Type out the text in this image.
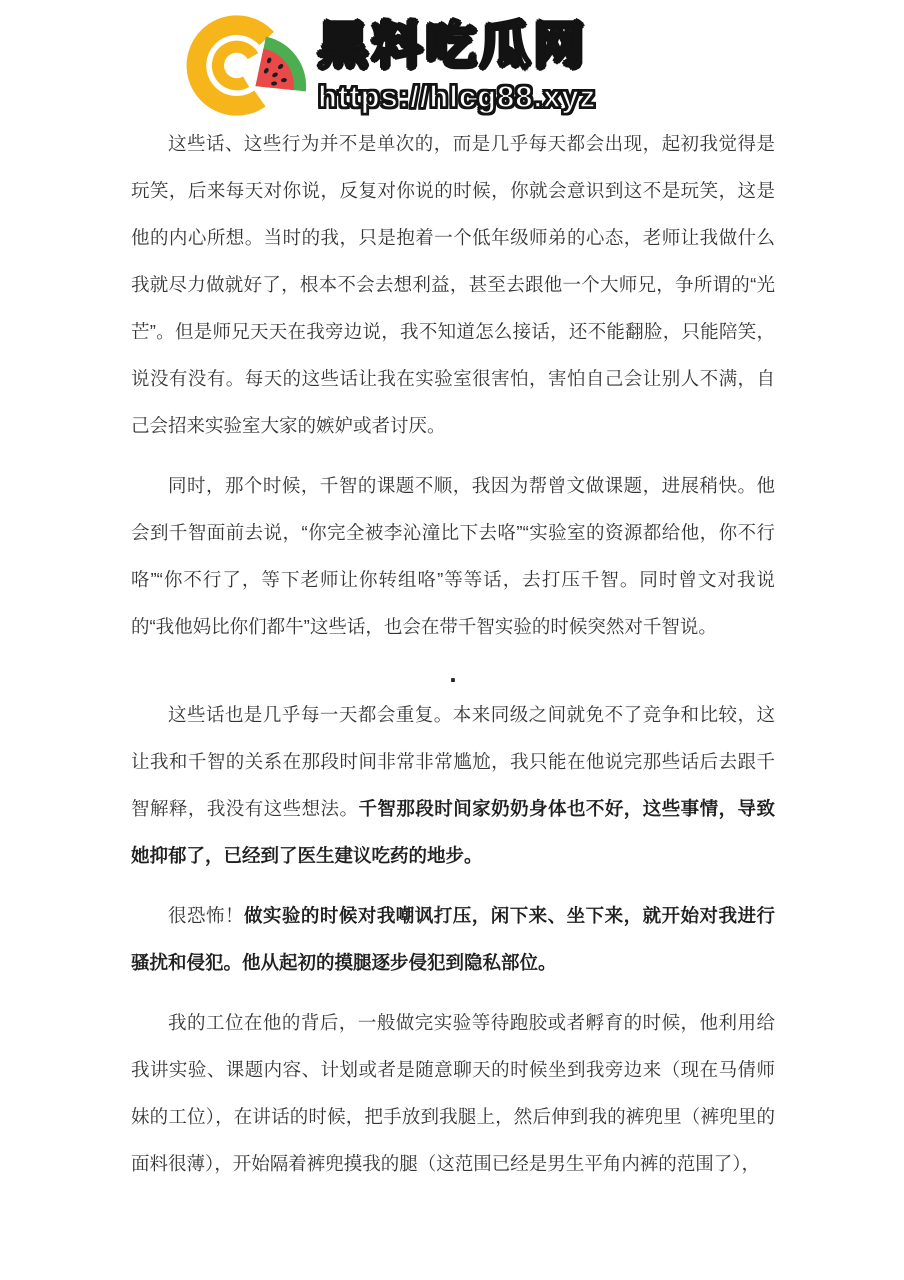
黑料吃瓜网
https://hlcg88.xyz

这些话、这些行为并不是单次的，而是几乎每天都会出现，起初我觉得是玩笑，后来每天对你说，反复对你说的时候，你就会意识到这不是玩笑，这是他的内心所想。当时的我，只是抱着一个低年级师弟的心态，老师让我做什么我就尽力做就好了，根本不会去想利益，甚至去跟他一个大师兄，争所谓的“光芒”。但是师兄天天在我旁边说，我不知道怎么接话，还不能翻脸，只能陪笑，说没有没有。每天的这些话让我在实验室很害怕，害怕自己会让别人不满，自己会招来实验室大家的嫉妒或者讨厌。

同时，那个时候，千智的课题不顺，我因为帮曾文做课题，进展稍快。他会到千智面前去说，“你完全被李沁潼比下去咯”“实验室的资源都给他，你不行咯”“你不行了，等下老师让你转组咯”等等话，去打压千智。同时曾文对我说的“我他妈比你们都牛”这些话，也会在带千智实验的时候突然对千智说。

.

这些话也是几乎每一天都会重复。本来同级之间就免不了竞争和比较，这让我和千智的关系在那段时间非常非常尴尬，我只能在他说完那些话后去跟千智解释，我没有这些想法。千智那段时间家奶奶身体也不好，这些事情，导致她抑郁了，已经到了医生建议吃药的地步。

很恐怖！做实验的时候对我嘲讽打压，闲下来、坐下来，就开始对我进行骚扰和侵犯。他从起初的摸腿逐步侵犯到隐私部位。

我的工位在他的背后，一般做完实验等待跑胶或者孵育的时候，他利用给我讲实验、课题内容、计划或者是随意聊天的时候坐到我旁边来（现在马倩师妹的工位），在讲话的时候，把手放到我腿上，然后伸到我的裤兜里（裤兜里的面料很薄），开始隔着裤兜摸我的腿（这范围已经是男生平角内裤的范围了），
